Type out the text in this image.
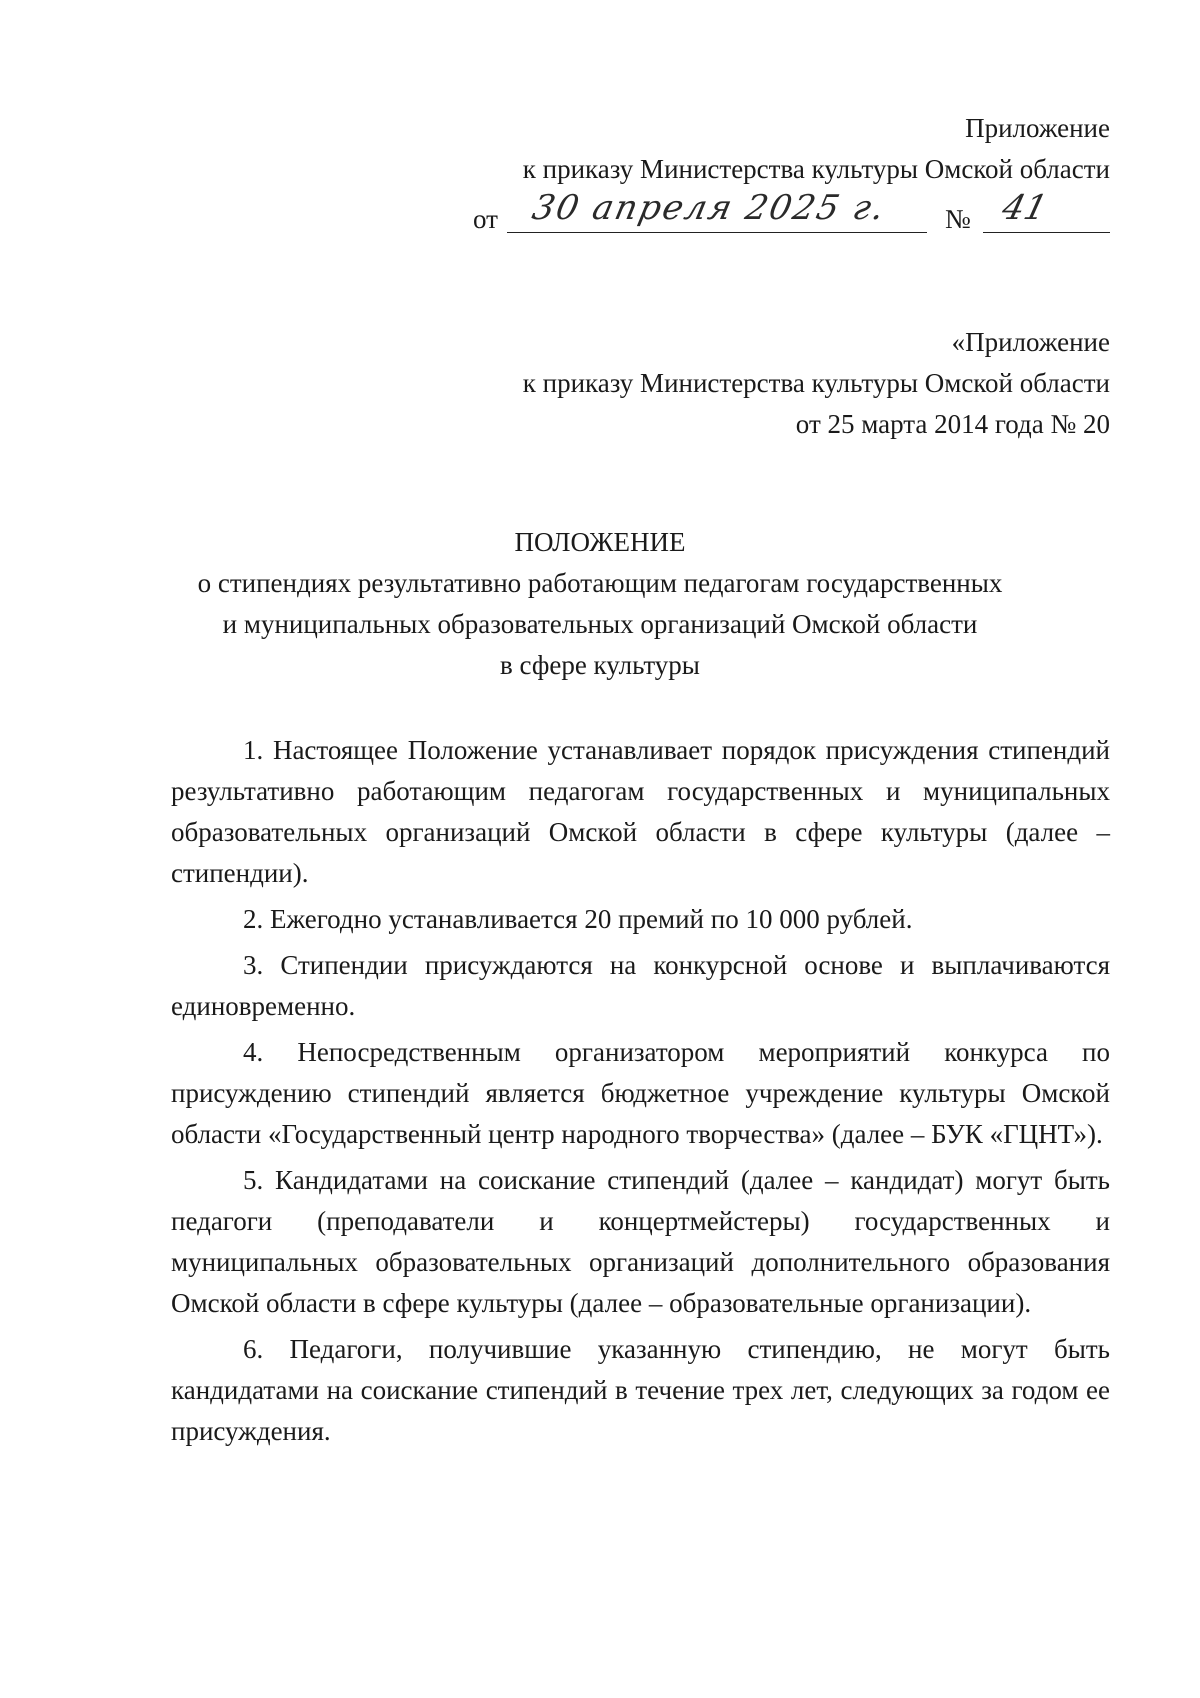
Приложение
к приказу Министерства культуры Омской области
от 30 апреля 2025 г. № 41
«Приложение
к приказу Министерства культуры Омской области
от 25 марта 2014 года № 20
ПОЛОЖЕНИЕ
о стипендиях результативно работающим педагогам государственных
и муниципальных образовательных организаций Омской области
в сфере культуры

1. Настоящее Положение устанавливает порядок присуждения стипендий результативно работающим педагогам государственных и муниципальных образовательных организаций Омской области в сфере культуры (далее – стипендии).

2. Ежегодно устанавливается 20 премий по 10 000 рублей.

3. Стипендии присуждаются на конкурсной основе и выплачиваются единовременно.

4. Непосредственным организатором мероприятий конкурса по присуждению стипендий является бюджетное учреждение культуры Омской области «Государственный центр народного творчества» (далее – БУК «ГЦНТ»).

5. Кандидатами на соискание стипендий (далее – кандидат) могут быть педагоги (преподаватели и концертмейстеры) государственных и муниципальных образовательных организаций дополнительного образования Омской области в сфере культуры (далее – образовательные организации).

6. Педагоги, получившие указанную стипендию, не могут быть кандидатами на соискание стипендий в течение трех лет, следующих за годом ее присуждения.
